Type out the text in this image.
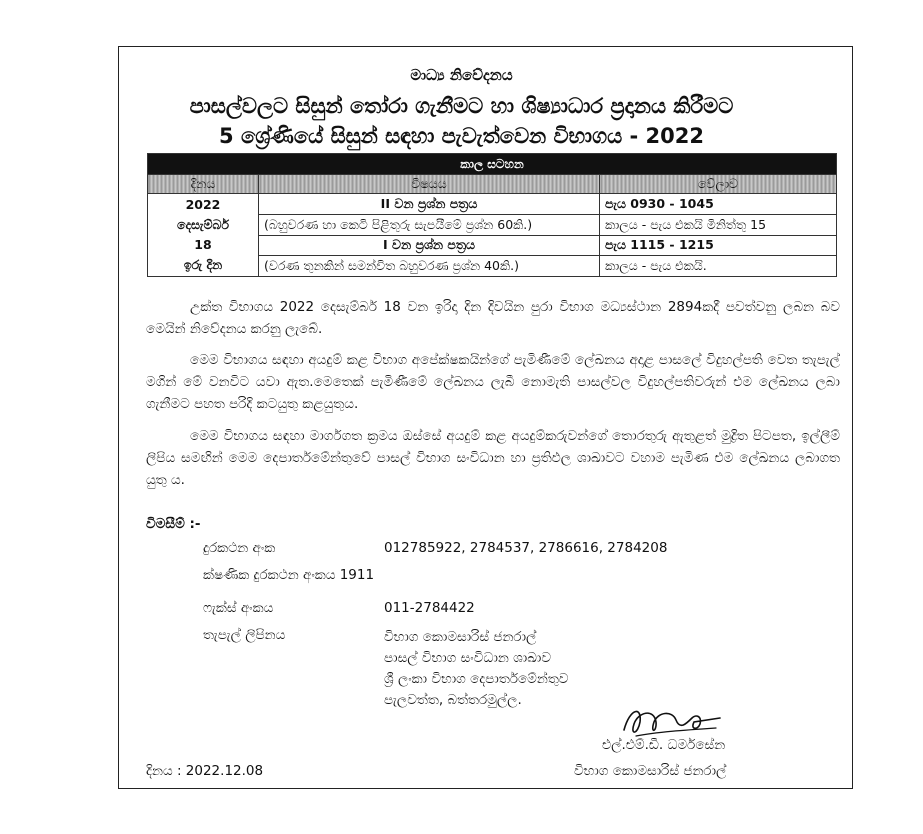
මාධ්‍ය නිවේදනය
පාසල්වලට සිසුන් තෝරා ගැනීමට හා ශිෂ්‍යාධාර ප්‍රදානය කිරීමට
5 ශ්‍රේණියේ සිසුන් සඳහා පැවැත්වෙන විභාගය - 2022
කාල සටහන		
දිනය	විෂයය	වේලාව

2022
දෙසැම්බර්
18
ඉරු දින	II වන ප්‍රශ්න පත්‍රය	පැය 0930 - 1045
	(බහුවරණ හා කෙටි පිළිතුරු සැපයීමේ ප්‍රශ්න 60කි.)	කාලය - පැය එකයි මිනිත්තු 15
	I වන ප්‍රශ්න පත්‍රය	පැය 1115 - 1215
	(වරණ තුනකින් සමන්විත බහුවරණ ප්‍රශ්න 40කි.)	කාලය - පැය එකයි.
උක්ත විභාගය 2022 දෙසැම්බර් 18 වන ඉරිදා දින දිවයින පුරා විභාග මධ්‍යස්ථාන 2894කදී පවත්වනු ලබන බව මෙයින් නිවේදනය කරනු ලැබේ.
මෙම විභාගය සඳහා අයදුම් කළ විභාග අපේක්ෂකයින්ගේ පැමිණීමේ ලේඛනය අදාළ පාසලේ විදුහල්පති වෙත තැපැල් මගින් මේ වනවිට යවා ඇත.මෙතෙක් පැමිණීමේ ලේඛනය ලැබී නොමැති පාසල්වල විදුහල්පතිවරුන් එම ලේඛනය ලබා ගැනීමට පහත පරිදි කටයුතු කළයුතුය.
මෙම විභාගය සඳහා මාර්ගගත ක්‍රමය ඔස්සේ අයදුම් කළ අයදුම්කරුවන්ගේ තොරතුරු ඇතුළත් මුද්‍රිත පිටපත, ඉල්ලීම් ලිපිය සමඟින් මෙම දෙපාර්තමේන්තුවේ පාසල් විභාග සංවිධාන හා ප්‍රතිඵල ශාඛාවට වහාම පැමිණ එම ලේඛනය ලබාගත යුතු ය.
විමසීම් :-
දුරකථන අංක	012785922, 2784537, 2786616, 2784208
ක්ෂණික දුරකථන අංකය 1911
ෆැක්ස් අංකය	011-2784422
තැපැල් ලිපිනය	විභාග කොමසාරිස් ජනරාල්
පාසල් විභාග සංවිධාන ශාඛාව
ශ්‍රී ලංකා විභාග දෙපාර්තමේන්තුව
පැලවත්ත, බත්තරමුල්ල.
එල්.එම්.ඩී. ධර්මසේන
විභාග කොමසාරිස් ජනරාල්
දිනය : 2022.12.08
